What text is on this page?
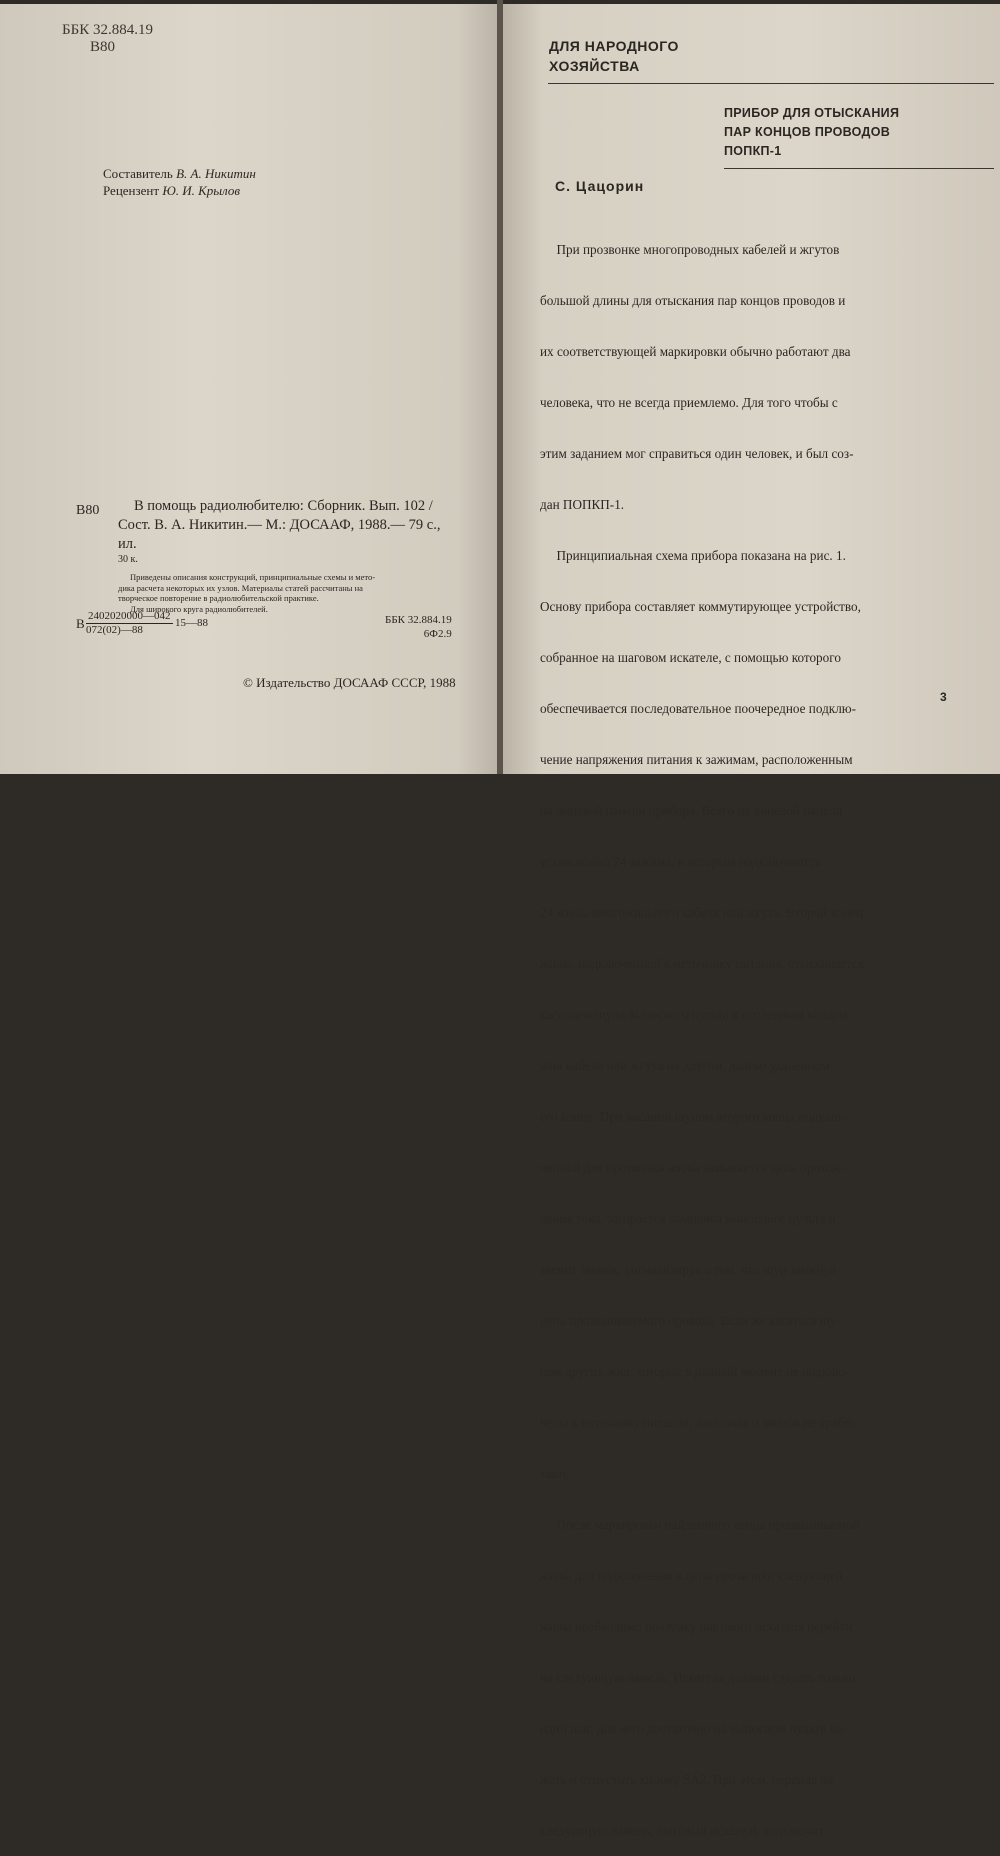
ББК 32.884.19
В80
Составитель В. А. Никитин
Рецензент Ю. И. Крылов
В80	В помощь радиолюбителю: Сборник. Вып. 102 /
Сост. В. А. Никитин.— М.: ДОСААФ, 1988.— 79 с.,
ил.
30 к.
Приведены описания конструкций, принципиальные схемы и мето-
дика расчета некоторых их узлов. Материалы статей рассчитаны на
творческое повторение в радиолюбительской практике.
Для широкого круга радиолюбителей.
В $\frac{2402020000—042}{072(02)—88}$ 15—88	ББК 32.884.19
6Ф2.9
© Издательство ДОСААФ СССР, 1988
ДЛЯ НАРОДНОГО
ХОЗЯЙСТВА
ПРИБОР ДЛЯ ОТЫСКАНИЯ
ПАР КОНЦОВ ПРОВОДОВ
ПОПКП-1
С. Цацорин

При прозвонке многопроводных кабелей и жгутов

большой длины для отыскания пар концов проводов и

их соответствующей маркировки обычно работают два

человека, что не всегда приемлемо. Для того чтобы с

этим заданием мог справиться один человек, и был соз-

дан ПОПКП-1.

Принципиальная схема прибора показана на рис. 1.

Основу прибора составляет коммутирующее устройство,

собранное на шаговом искателе, с помощью которого

обеспечивается последовательное поочередное подклю-

чение напряжения питания к зажимам, расположенным

на лицевой панели прибора. Всего на лицевой панели

установлено 24 зажима, к которым подключаются

24 жилы многожильного кабеля или жгута. Второй конец

жилы, подключенной к источнику питания, отыскивается

касанием щупа выносного пульта к оголенным концам

жил кабеля или жгута на другом, далеко удаленном

его конце. При касании щупом второго конца подклю-

ченной для прозвонки жилы замыкается цепь прохож-

дения тока, загорается лампочка выносного пульта и

звенит звонок, сигнализируя о том, что щуп замкнул

цепь прозваниваемого провода. Если же касаться щу-

пом других жил, которые в данный момент не подклю-

чены к источнику питания, лампочка и звонок не срабо-

тают.

После маркировки найденного конца прозваниваемой

жилы для подключения к цепи прозвонки следующей

жилы необходимо ползунку шагового искателя перейти

на следующую ламель. Искатель должен сделать только

один шаг, для чего достаточно на выносном пульте на-

жать и отпустить кнопку SA2. При этом, перейдя на

следующую ламель, шаговый искатель подключит

3
